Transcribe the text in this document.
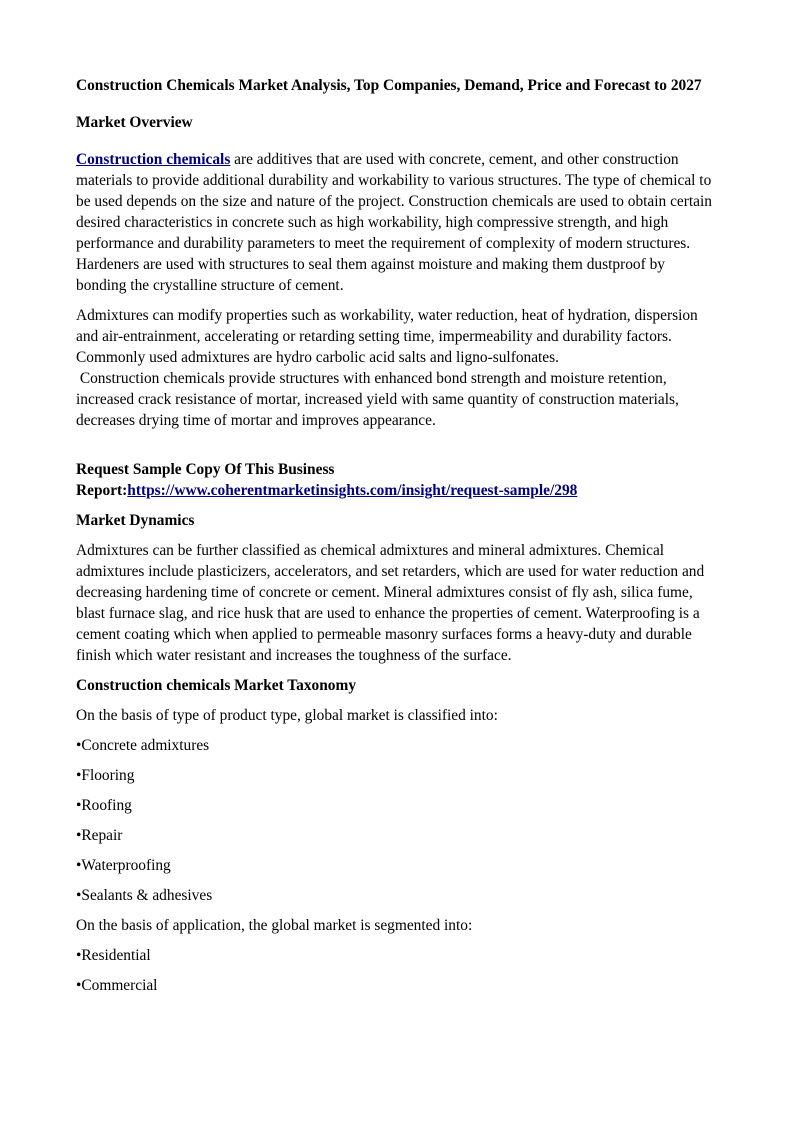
Construction Chemicals Market Analysis, Top Companies, Demand, Price and Forecast to 2027
Market Overview

Construction chemicals are additives that are used with concrete, cement, and other construction materials to provide additional durability and workability to various structures. The type of chemical to be used depends on the size and nature of the project. Construction chemicals are used to obtain certain desired characteristics in concrete such as high workability, high compressive strength, and high performance and durability parameters to meet the requirement of complexity of modern structures. Hardeners are used with structures to seal them against moisture and making them dustproof by bonding the crystalline structure of cement.

Admixtures can modify properties such as workability, water reduction, heat of hydration, dispersion and air-entrainment, accelerating or retarding setting time, impermeability and durability factors. Commonly used admixtures are hydro carbolic acid salts and ligno-sulfonates.
Construction chemicals provide structures with enhanced bond strength and moisture retention, increased crack resistance of mortar, increased yield with same quantity of construction materials, decreases drying time of mortar and improves appearance.

Request Sample Copy Of This Business
Report:https://www.coherentmarketinsights.com/insight/request-sample/298

Market Dynamics

Admixtures can be further classified as chemical admixtures and mineral admixtures. Chemical admixtures include plasticizers, accelerators, and set retarders, which are used for water reduction and decreasing hardening time of concrete or cement. Mineral admixtures consist of fly ash, silica fume, blast furnace slag, and rice husk that are used to enhance the properties of cement. Waterproofing is a cement coating which when applied to permeable masonry surfaces forms a heavy-duty and durable finish which water resistant and increases the toughness of the surface.

Construction chemicals Market Taxonomy

On the basis of type of product type, global market is classified into:

•Concrete admixtures

•Flooring

•Roofing

•Repair

•Waterproofing

•Sealants & adhesives

On the basis of application, the global market is segmented into:

•Residential

•Commercial
